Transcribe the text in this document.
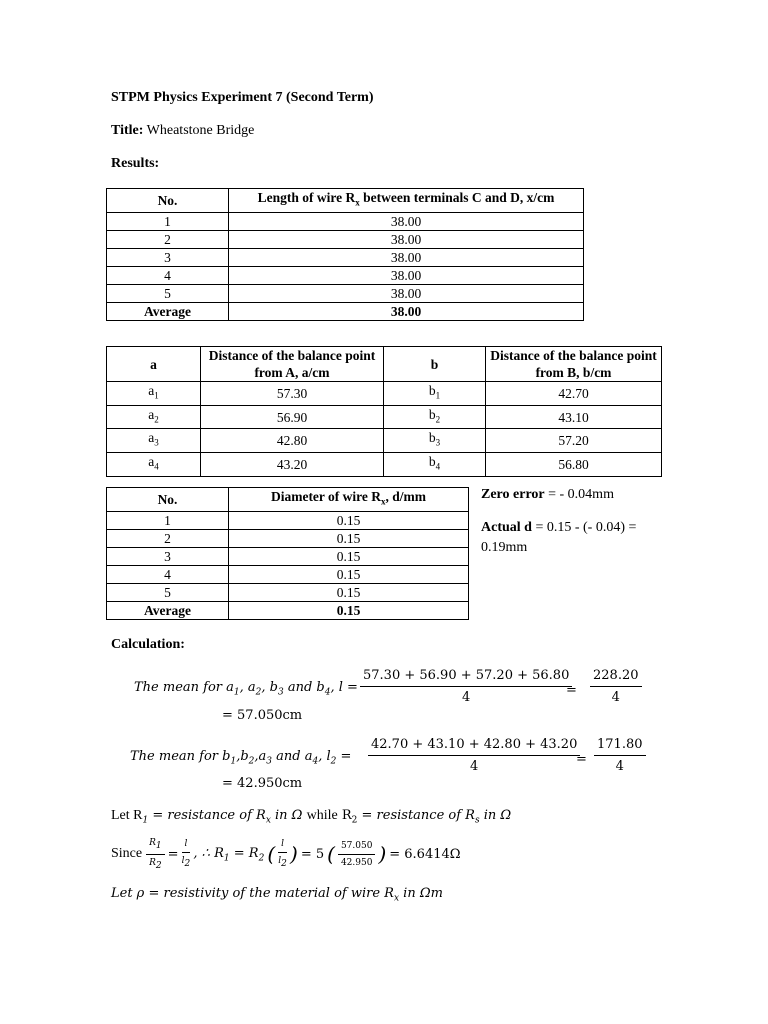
STPM Physics Experiment 7 (Second Term)
Title: Wheatstone Bridge
Results:
No.	Length of wire $R_x$ between terminals C and D, x/cm
1	38.00
2	38.00
3	38.00
4	38.00
5	38.00
Average	38.00
a	Distance of the balance point from A, a/cm	b	Distance of the balance point from B, b/cm
$a_1$	57.30	$b_1$	42.70
$a_2$	56.90	$b_2$	43.10
$a_3$	42.80	$b_3$	57.20
$a_4$	43.20	$b_4$	56.80
No.	Diameter of wire $R_x$, d/mm
1	0.15
2	0.15
3	0.15
4	0.15
5	0.15
Average	0.15
Zero error = - 0.04mm
Actual d = 0.15 - (- 0.04) =
0.19mm
Calculation:
The mean for $a_1$, $a_2$, $b_3$ and $b_4$, $l = \frac{57.30 + 56.90 + 57.20 + 56.80}{4}$
= $\frac{228.20}{4}$
= 57.050cm
The mean for $b_1,b_2,a_3$ and $a_4$, $l_2 = \frac{42.70 + 43.10 + 42.80 + 43.20}{4}$
= $\frac{171.80}{4}$
= 42.950cm
Let $R_1$ = resistance of $R_x$ in Ω while $R_2$ = resistance of $R_s$ in Ω
Since $\frac{R_1}{R_2} = \frac{l}{l_2}$ , ∴ $R_1 = R_2$ ( $\frac{l}{l_2}$ ) = 5 ( $\frac{57.050}{42.950}$ ) = 6.6414Ω
Let ρ = resistivity of the material of wire $R_x$ in Ωm
